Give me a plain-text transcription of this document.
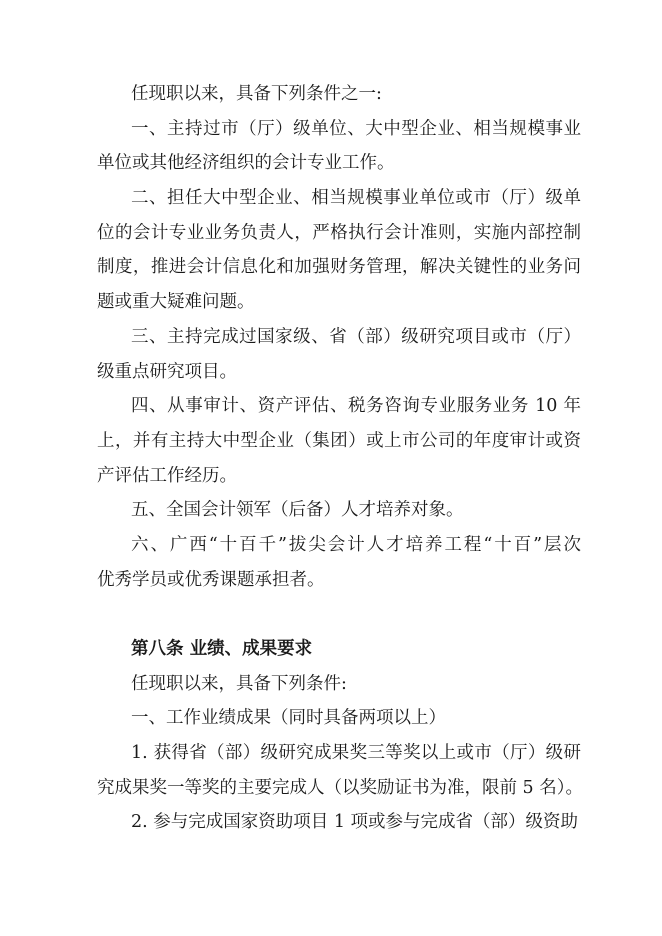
任现职以来，具备下列条件之一:
一、主持过市（厅）级单位、大中型企业、相当规模事业
单位或其他经济组织的会计专业工作。
二、担任大中型企业、相当规模事业单位或市（厅）级单
位的会计专业业务负责人，严格执行会计准则，实施内部控制
制度，推进会计信息化和加强财务管理，解决关键性的业务问
题或重大疑难问题。
三、主持完成过国家级、省（部）级研究项目或市（厅）
级重点研究项目。
四、从事审计、资产评估、税务咨询专业服务业务 10 年
上，并有主持大中型企业（集团）或上市公司的年度审计或资
产评估工作经历。
五、全国会计领军（后备）人才培养对象。
六、广西“十百千”拔尖会计人才培养工程“十百”层次
优秀学员或优秀课题承担者。
第八条 业绩、成果要求
任现职以来，具备下列条件:
一、工作业绩成果（同时具备两项以上）
1. 获得省（部）级研究成果奖三等奖以上或市（厅）级研
究成果奖一等奖的主要完成人（以奖励证书为准，限前 5 名）。
2. 参与完成国家资助项目 1 项或参与完成省（部）级资助
